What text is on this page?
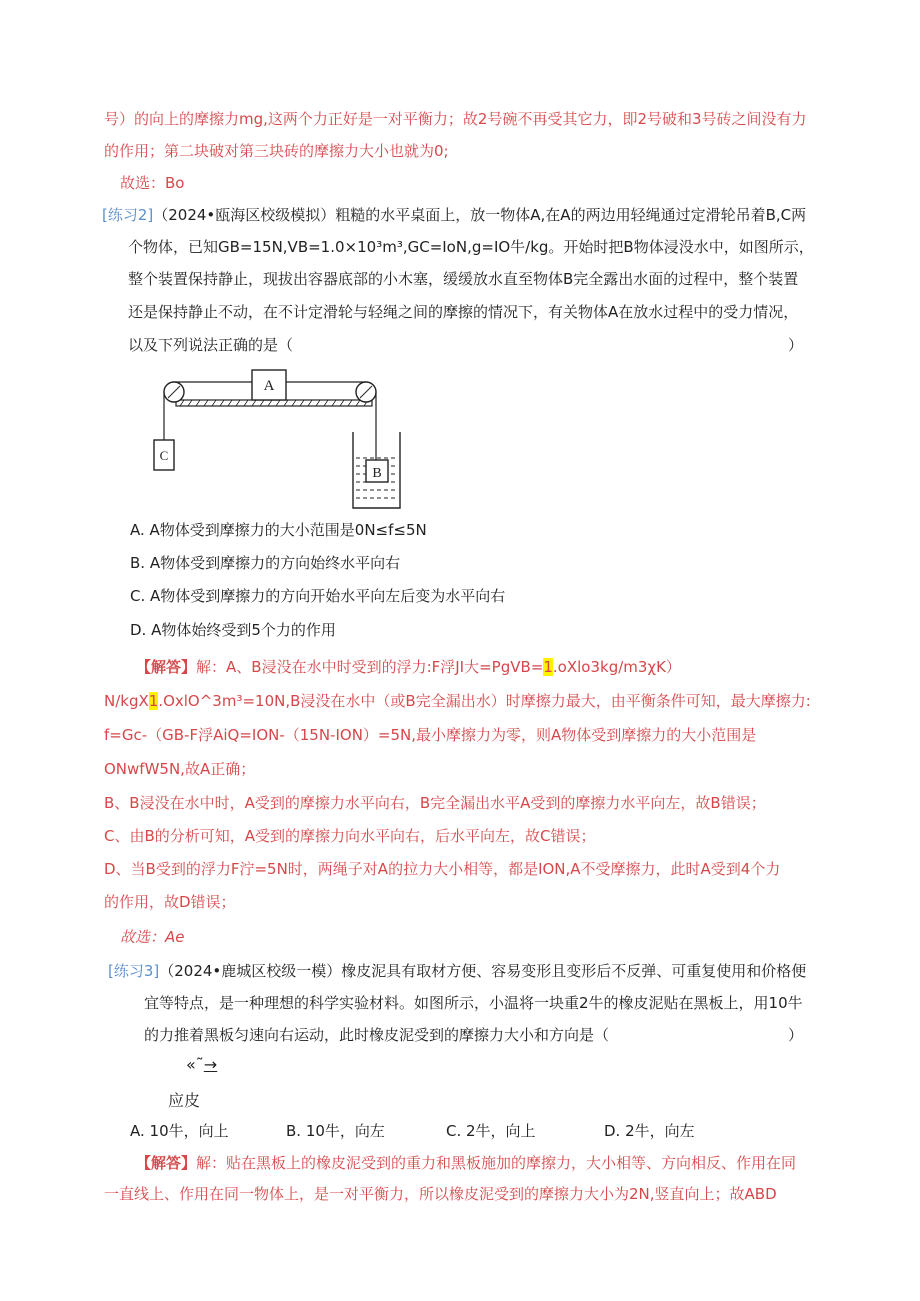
号）的向上的摩擦力mg,这两个力正好是一对平衡力；故2号碗不再受其它力，即2号破和3号砖之间没有力
的作用；第二块破对第三块砖的摩擦力大小也就为0;
故选：Bo
[练习2]（2024•瓯海区校级模拟）粗糙的水平桌面上，放一物体A,在A的两边用轻绳通过定滑轮吊着B,C两
个物体，已知GB=15N,VB=1.0×10³m³,GC=IoN,g=IO牛/kg。开始时把B物体浸没水中，如图所示，
整个装置保持静止，现拔出容器底部的小木塞，缓缓放水直至物体B完全露出水面的过程中，整个装置
还是保持静止不动，在不计定滑轮与轻绳之间的摩擦的情况下，有关物体A在放水过程中的受力情况，
以及下列说法正确的是（	）
A
C
B
A. A物体受到摩擦力的大小范围是0N≤f≤5N
B. A物体受到摩擦力的方向始终水平向右
C. A物体受到摩擦力的方向开始水平向左后变为水平向右
D. A物体始终受到5个力的作用
【解答】解：A、B浸没在水中时受到的浮力:F浮JI大=PgVB=1.oXlo3kg∕m3χK）
N∕kgX1.OxlO^3m³=10N,B浸没在水中（或B完全漏出水）时摩擦力最大，由平衡条件可知，最大摩擦力:
f=Gc-（GB-F浮AiQ=ION-（15N-ION）=5N,最小摩擦力为零，则A物体受到摩擦力的大小范围是
ONwfW5N,故A正确；
B、B浸没在水中时，A受到的摩擦力水平向右，B完全漏出水平A受到的摩擦力水平向左，故B错误；
C、由B的分析可知，A受到的摩擦力向水平向右，后水平向左，故C错误；
D、当B受到的浮力F泞=5N时，两绳子对A的拉力大小相等，都是ION,A不受摩擦力，此时A受到4个力
的作用，故D错误；
故选：Ae
[练习3]（2024•鹿城区校级一模）橡皮泥具有取材方便、容易变形且变形后不反弹、可重复使用和价格便
宜等特点，是一种理想的科学实验材料。如图所示，小温将一块重2牛的橡皮泥贴在黑板上，用10牛
的力推着黑板匀速向右运动，此时橡皮泥受到的摩擦力大小和方向是（	）
«˜→
应皮
A. 10牛，向上	B. 10牛，向左	C. 2牛，向上	D. 2牛，向左
【解答】解：贴在黑板上的橡皮泥受到的重力和黑板施加的摩擦力，大小相等、方向相反、作用在同
一直线上、作用在同一物体上，是一对平衡力，所以橡皮泥受到的摩擦力大小为2N,竖直向上；故ABD
